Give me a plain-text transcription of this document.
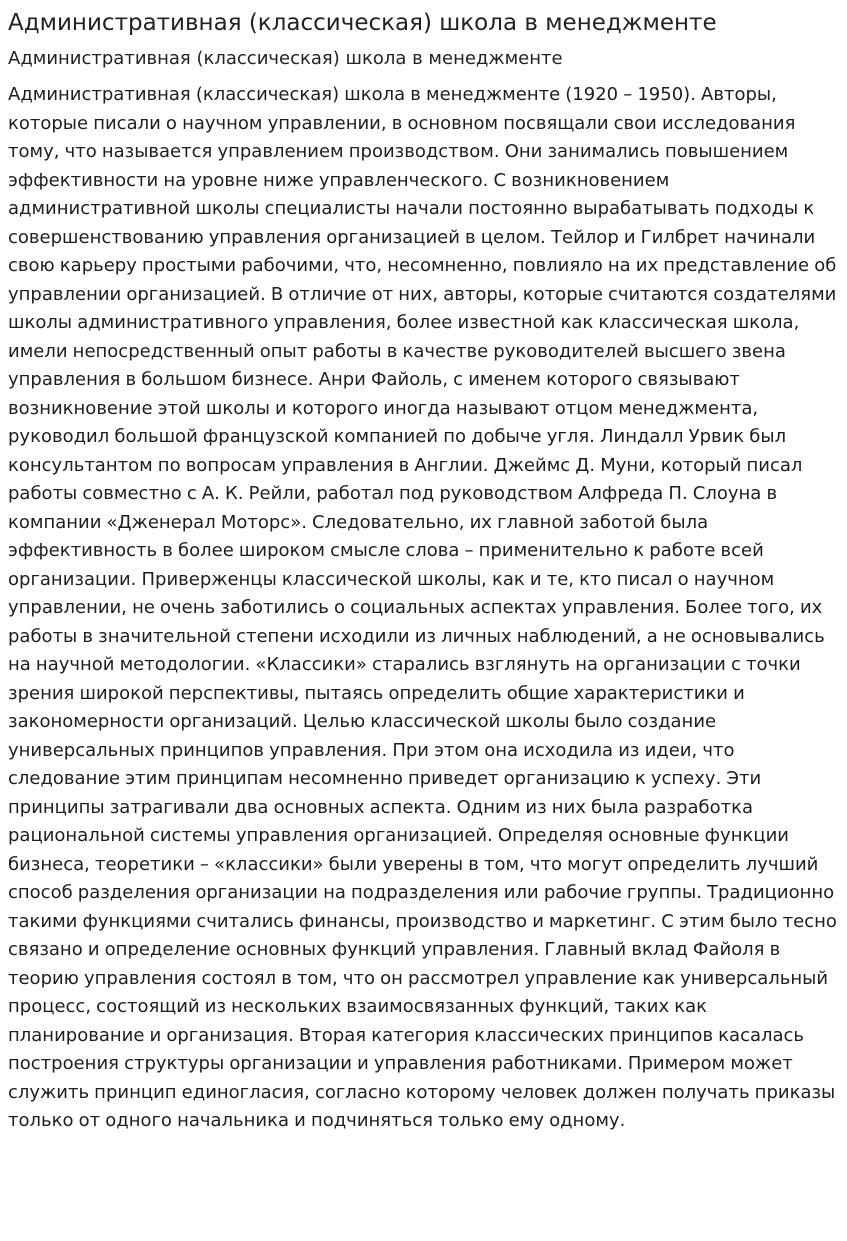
Административная (классическая) школа в менеджменте
Административная (классическая) школа в менеджменте

Административная (классическая) школа в менеджменте (1920 – 1950). Авторы, которые писали о научном управлении, в основном посвящали свои исследования тому, что называется управлением производством. Они занимались повышением эффективности на уровне ниже управленческого. С возникновением административной школы специалисты начали постоянно вырабатывать подходы к совершенствованию управления организацией в целом. Тейлор и Гилбрет начинали свою карьеру простыми рабочими, что, несомненно, повлияло на их представление об управлении организацией. В отличие от них, авторы, которые считаются создателями школы административного управления, более известной как классическая школа, имели непосредственный опыт работы в качестве руководителей высшего звена управления в большом бизнесе. Анри Файоль, с именем которого связывают возникновение этой школы и которого иногда называют отцом менеджмента, руководил большой французской компанией по добыче угля. Линдалл Урвик был консультантом по вопросам управления в Англии. Джеймс Д. Муни, который писал работы совместно с А. К. Рейли, работал под руководством Алфреда П. Слоуна в компании «Дженерал Моторс». Следовательно, их главной заботой была эффективность в более широком смысле слова – применительно к работе всей организации. Приверженцы классической школы, как и те, кто писал о научном управлении, не очень заботились о социальных аспектах управления. Более того, их работы в значительной степени исходили из личных наблюдений, а не основывались на научной методологии. «Классики» старались взглянуть на организации с точки зрения широкой перспективы, пытаясь определить общие характеристики и закономерности организаций. Целью классической школы было создание универсальных принципов управления. При этом она исходила из идеи, что следование этим принципам несомненно приведет организацию к успеху. Эти принципы затрагивали два основных аспекта. Одним из них была разработка рациональной системы управления организацией. Определяя основные функции бизнеса, теоретики – «классики» были уверены в том, что могут определить лучший способ разделения организации на подразделения или рабочие группы. Традиционно такими функциями считались финансы, производство и маркетинг. С этим было тесно связано и определение основных функций управления. Главный вклад Файоля в теорию управления состоял в том, что он рассмотрел управление как универсальный процесс, состоящий из нескольких взаимосвязанных функций, таких как планирование и организация. Вторая категория классических принципов касалась построения структуры организации и управления работниками. Примером может служить принцип единогласия, согласно которому человек должен получать приказы только от одного начальника и подчиняться только ему одному.
